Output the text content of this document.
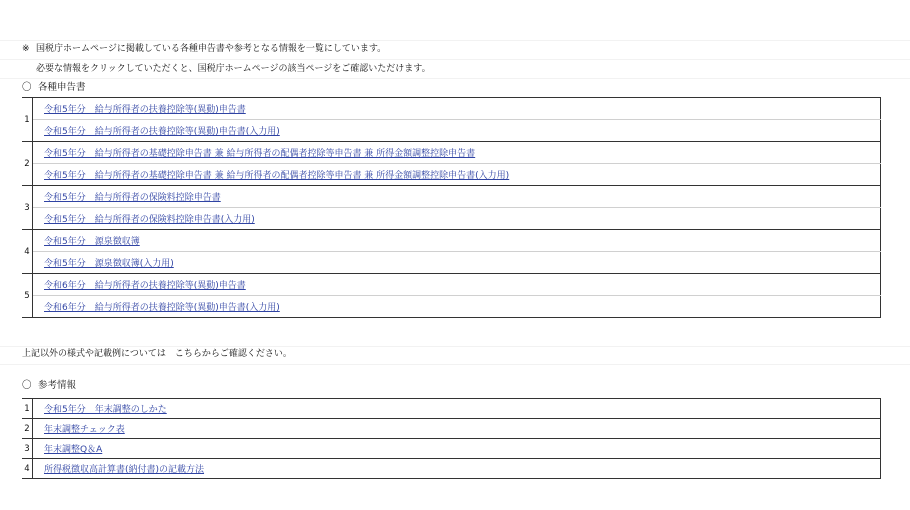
※ 国税庁ホームページに掲載している各種申告書や参考となる情報を一覧にしています。
必要な情報をクリックしていただくと、国税庁ホームページの該当ページをご確認いただけます。
〇 各種申告書
1	令和5年分　給与所得者の扶養控除等(異動)申告書
	令和5年分　給与所得者の扶養控除等(異動)申告書(入力用)
2	令和5年分　給与所得者の基礎控除申告書 兼 給与所得者の配偶者控除等申告書 兼 所得金額調整控除申告書
	令和5年分　給与所得者の基礎控除申告書 兼 給与所得者の配偶者控除等申告書 兼 所得金額調整控除申告書(入力用)
3	令和5年分　給与所得者の保険料控除申告書
	令和5年分　給与所得者の保険料控除申告書(入力用)
4	令和5年分　源泉徴収簿
	令和5年分　源泉徴収簿(入力用)
5	令和6年分　給与所得者の扶養控除等(異動)申告書
	令和6年分　給与所得者の扶養控除等(異動)申告書(入力用)
上記以外の様式や記載例については　こちらからご確認ください。
〇 参考情報
1	令和5年分　年末調整のしかた
2	年末調整チェック表
3	年末調整Q＆A
4	所得税徴収高計算書(納付書)の記載方法
